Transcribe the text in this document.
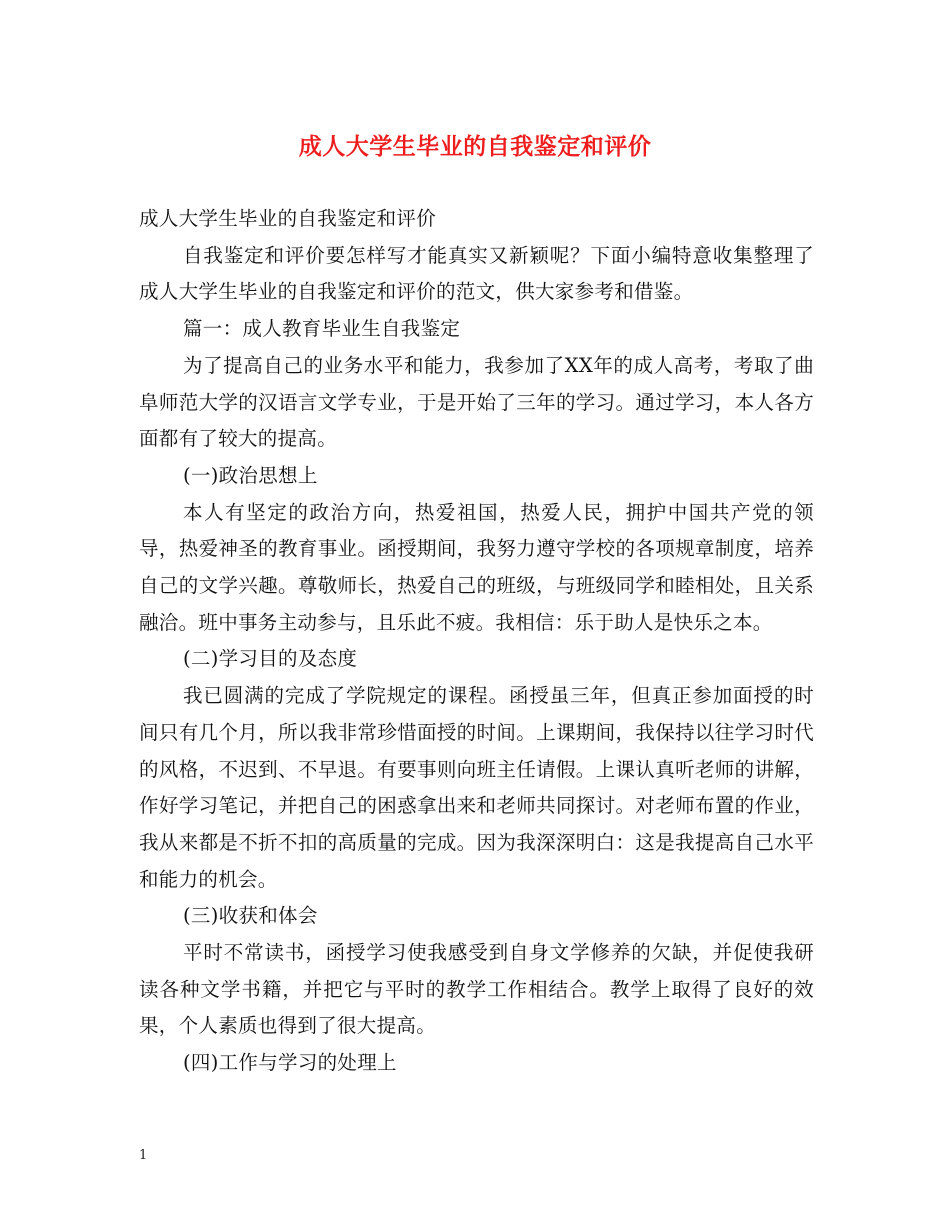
成人大学生毕业的自我鉴定和评价

成人大学生毕业的自我鉴定和评价

自我鉴定和评价要怎样写才能真实又新颖呢？下面小编特意收集整理了成人大学生毕业的自我鉴定和评价的范文，供大家参考和借鉴。

篇一：成人教育毕业生自我鉴定

为了提高自己的业务水平和能力，我参加了XX年的成人高考，考取了曲阜师范大学的汉语言文学专业，于是开始了三年的学习。通过学习，本人各方面都有了较大的提高。

(一)政治思想上

本人有坚定的政治方向，热爱祖国，热爱人民，拥护中国共产党的领导，热爱神圣的教育事业。函授期间，我努力遵守学校的各项规章制度，培养自己的文学兴趣。尊敬师长，热爱自己的班级，与班级同学和睦相处，且关系融洽。班中事务主动参与，且乐此不疲。我相信：乐于助人是快乐之本。

(二)学习目的及态度

我已圆满的完成了学院规定的课程。函授虽三年，但真正参加面授的时间只有几个月，所以我非常珍惜面授的时间。上课期间，我保持以往学习时代的风格，不迟到、不早退。有要事则向班主任请假。上课认真听老师的讲解，作好学习笔记，并把自己的困惑拿出来和老师共同探讨。对老师布置的作业，我从来都是不折不扣的高质量的完成。因为我深深明白：这是我提高自己水平和能力的机会。

(三)收获和体会

平时不常读书，函授学习使我感受到自身文学修养的欠缺，并促使我研读各种文学书籍，并把它与平时的教学工作相结合。教学上取得了良好的效果，个人素质也得到了很大提高。

(四)工作与学习的处理上

1
